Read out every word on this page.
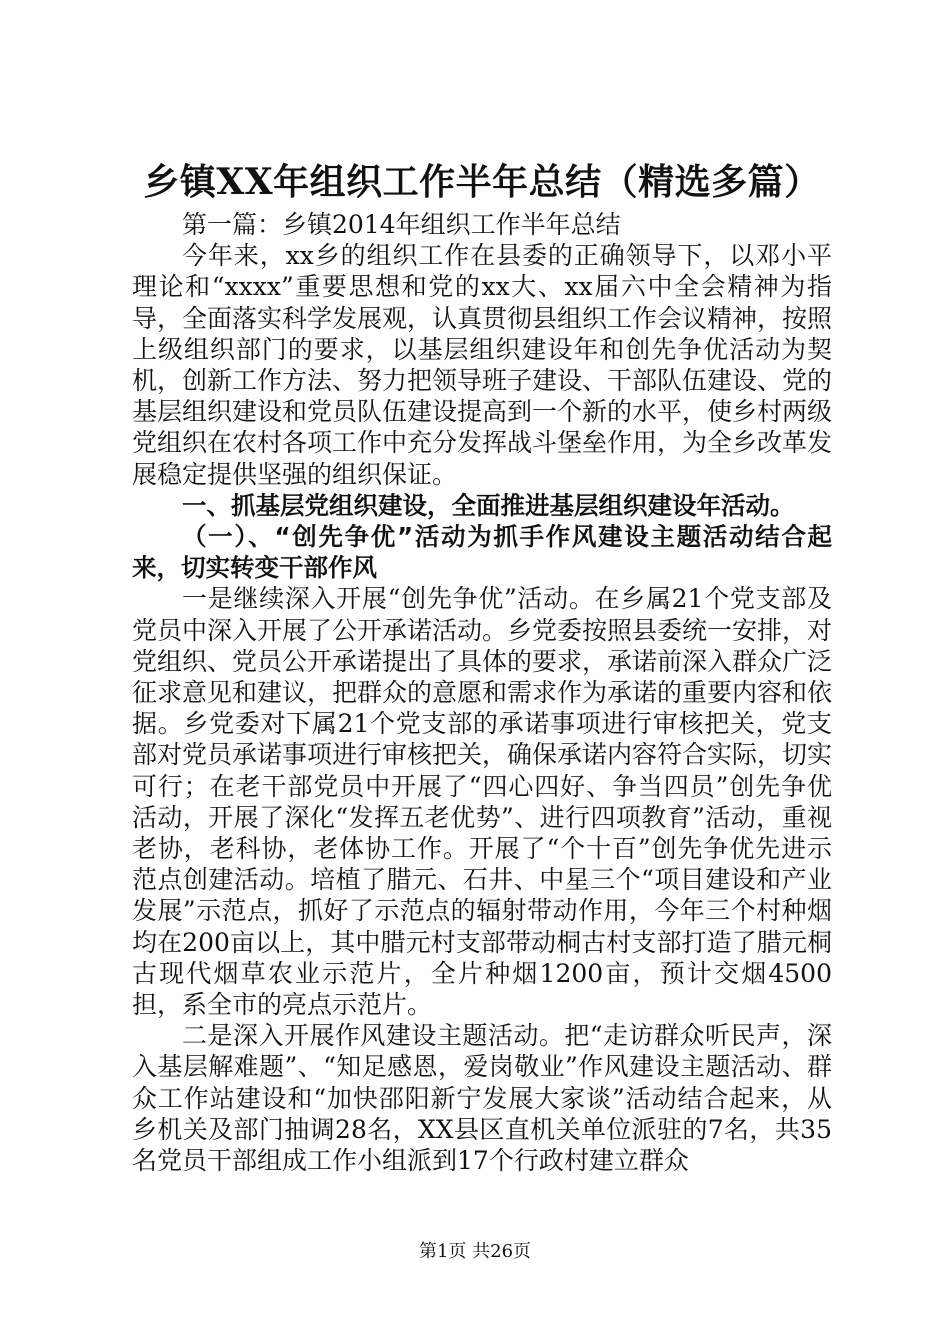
乡镇XX年组织工作半年总结（精选多篇）

第一篇：乡镇2014年组织工作半年总结

今年来，xx乡的组织工作在县委的正确领导下，以邓小平理论和“xxxx”重要思想和党的xx大、xx届六中全会精神为指导，全面落实科学发展观，认真贯彻县组织工作会议精神，按照上级组织部门的要求，以基层组织建设年和创先争优活动为契机，创新工作方法、努力把领导班子建设、干部队伍建设、党的基层组织建设和党员队伍建设提高到一个新的水平，使乡村两级党组织在农村各项工作中充分发挥战斗堡垒作用，为全乡改革发展稳定提供坚强的组织保证。

一、抓基层党组织建设，全面推进基层组织建设年活动。

（一）、“创先争优”活动为抓手作风建设主题活动结合起来，切实转变干部作风

一是继续深入开展“创先争优”活动。在乡属21个党支部及党员中深入开展了公开承诺活动。乡党委按照县委统一安排，对党组织、党员公开承诺提出了具体的要求，承诺前深入群众广泛征求意见和建议，把群众的意愿和需求作为承诺的重要内容和依据。乡党委对下属21个党支部的承诺事项进行审核把关，党支部对党员承诺事项进行审核把关，确保承诺内容符合实际，切实可行；在老干部党员中开展了“四心四好、争当四员”创先争优活动，开展了深化“发挥五老优势”、进行四项教育”活动，重视老协，老科协，老体协工作。开展了“个十百”创先争优先进示范点创建活动。培植了腊元、石井、中星三个“项目建设和产业发展”示范点，抓好了示范点的辐射带动作用，今年三个村种烟均在200亩以上，其中腊元村支部带动桐古村支部打造了腊元桐古现代烟草农业示范片，全片种烟1200亩，预计交烟4500担，系全市的亮点示范片。

二是深入开展作风建设主题活动。把“走访群众听民声，深入基层解难题”、“知足感恩，爱岗敬业”作风建设主题活动、群众工作站建设和“加快邵阳新宁发展大家谈”活动结合起来，从乡机关及部门抽调28名，XX县区直机关单位派驻的7名，共35名党员干部组成工作小组派到17个行政村建立群众

第1页 共26页
